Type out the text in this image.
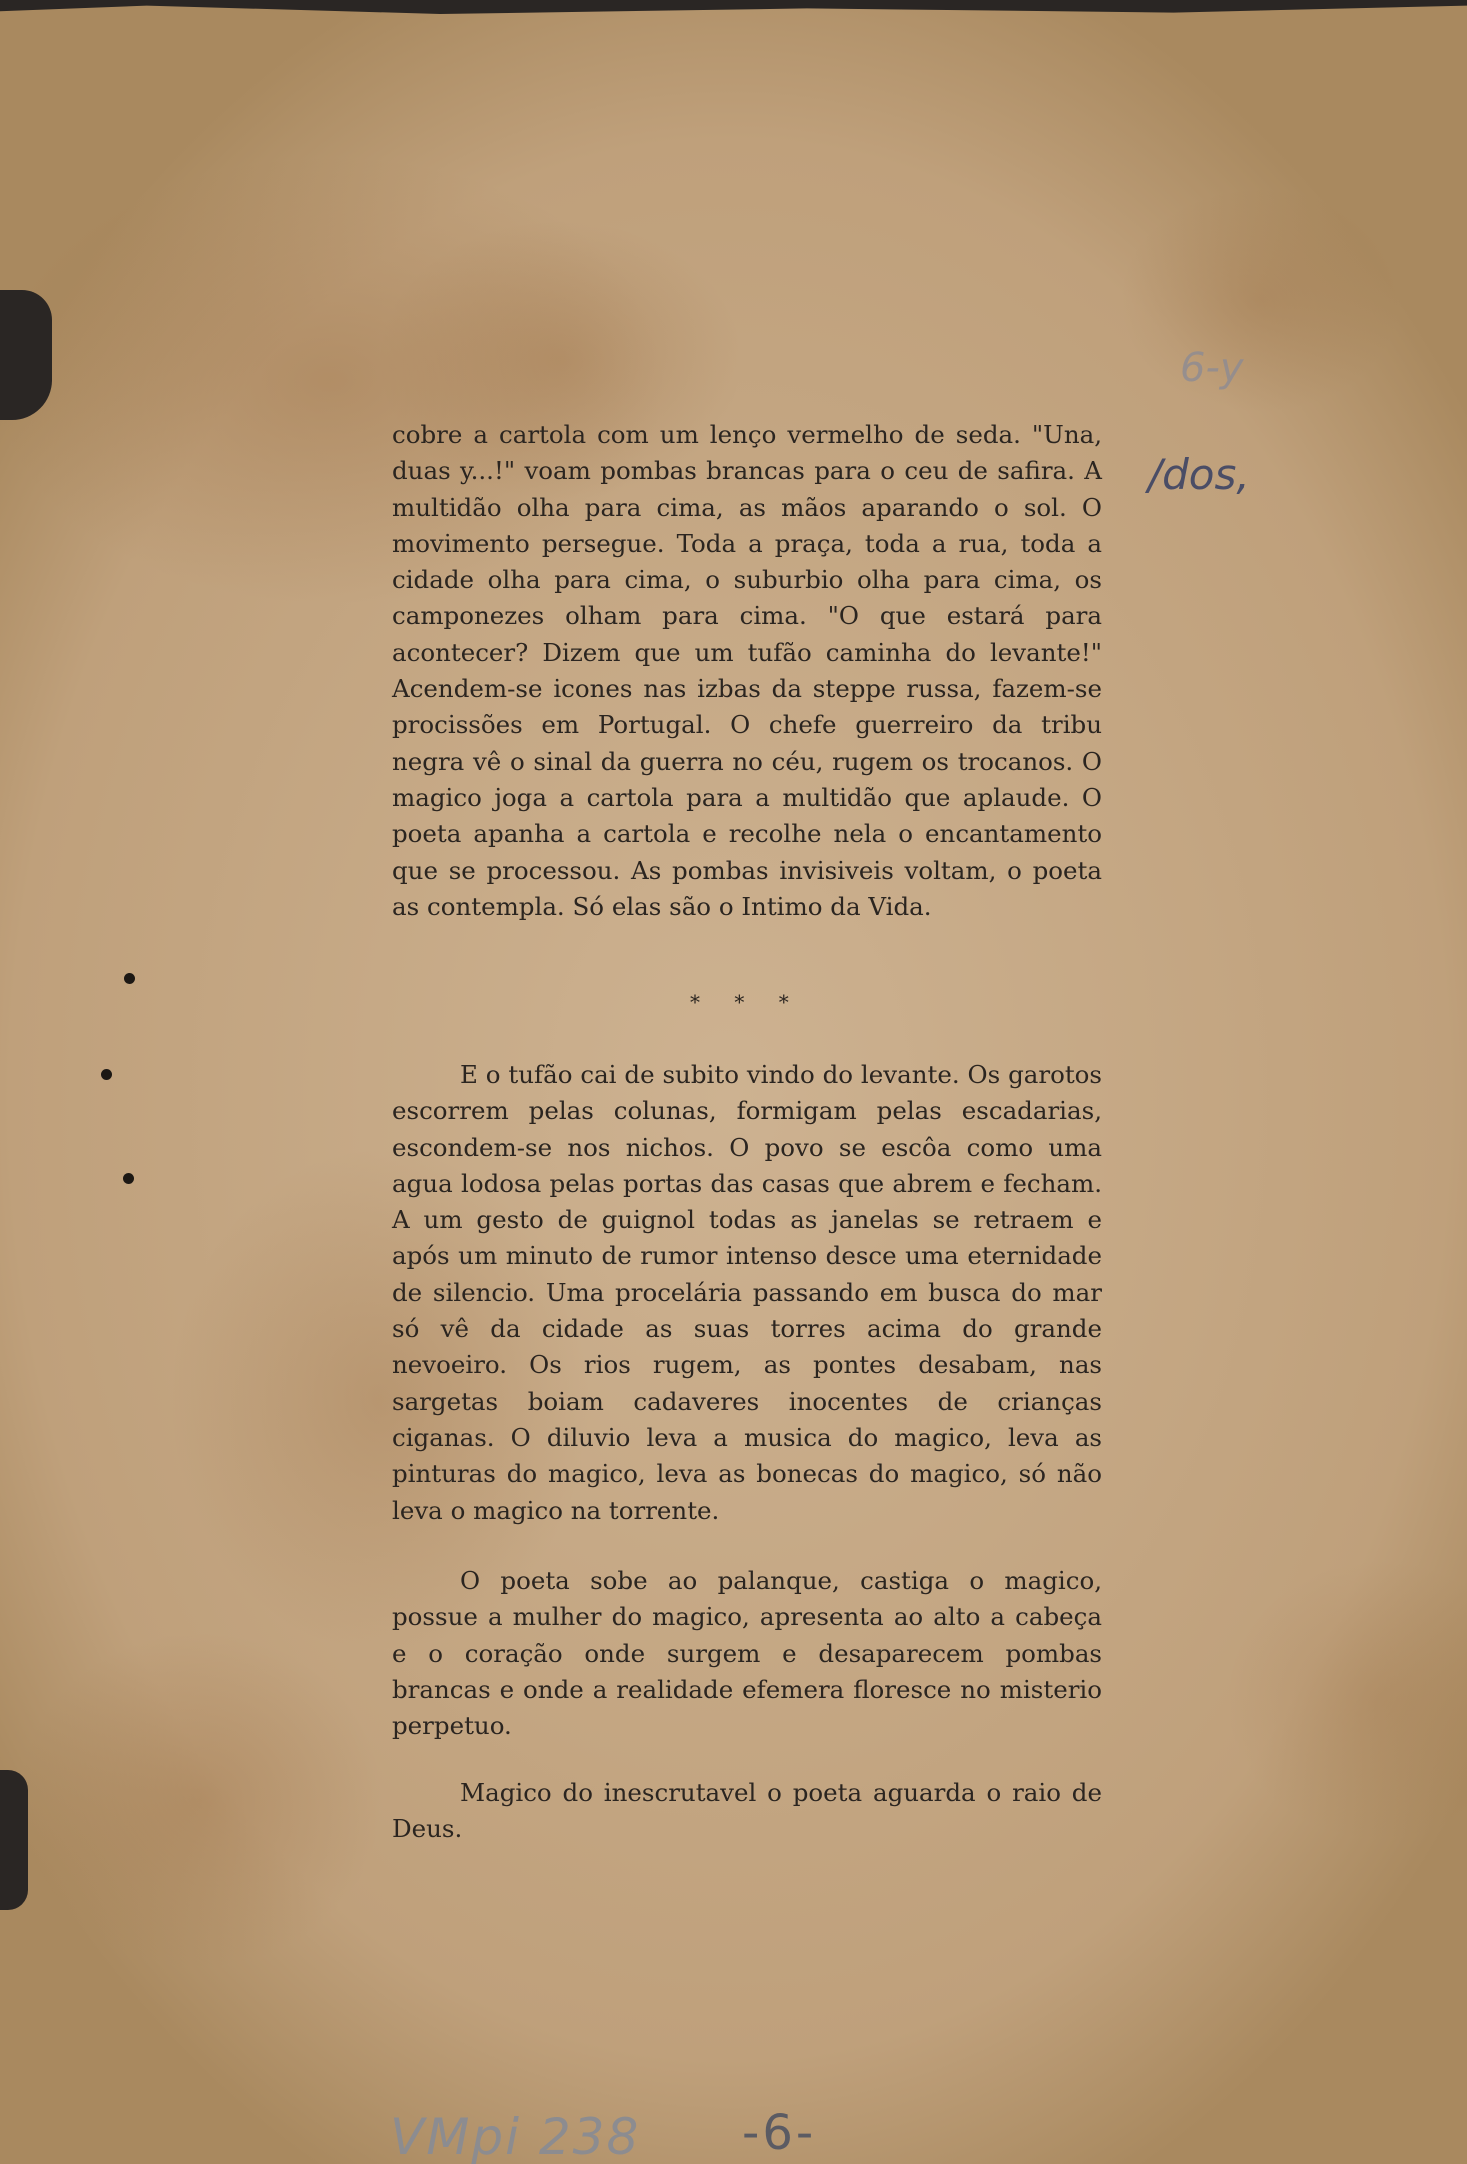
cobre a cartola com um lenço vermelho de seda. "Una, duas y...!" voam pombas brancas para o ceu de safira. A multidão olha para cima, as mãos aparando o sol. O movimento persegue. Toda a praça, toda a rua, toda a cidade olha para cima, o suburbio olha para cima, os camponezes olham para cima. "O que estará para acontecer? Dizem que um tufão caminha do levante!" Acendem-se icones nas izbas da steppe russa, fazem-se procissões em Portugal. O chefe guerreiro da tribu negra vê o sinal da guerra no céu, rugem os trocanos. O magico joga a cartola para a multidão que aplaude. O poeta apanha a cartola e recolhe nela o encantamento que se processou. As pombas invisiveis voltam, o poeta as contempla. Só elas são o Intimo da Vida.

* * *

E o tufão cai de subito vindo do levante. Os garotos escorrem pelas colunas, formigam pelas escadarias, escondem-se nos nichos. O povo se escôa como uma agua lodosa pelas portas das casas que abrem e fecham. A um gesto de guignol todas as janelas se retraem e após um minuto de rumor intenso desce uma eternidade de silencio. Uma procelária passando em busca do mar só vê da cidade as suas torres acima do grande nevoeiro. Os rios rugem, as pontes desabam, nas sargetas boiam cadaveres inocentes de crianças ciganas. O diluvio leva a musica do magico, leva as pinturas do magico, leva as bonecas do magico, só não leva o magico na torrente.

O poeta sobe ao palanque, castiga o magico, possue a mulher do magico, apresenta ao alto a cabeça e o coração onde surgem e desaparecem pombas brancas e onde a realidade efemera floresce no misterio perpetuo.

Magico do inescrutavel o poeta aguarda o raio de Deus.

6-y
/dos,
VMpi 238 -6-
